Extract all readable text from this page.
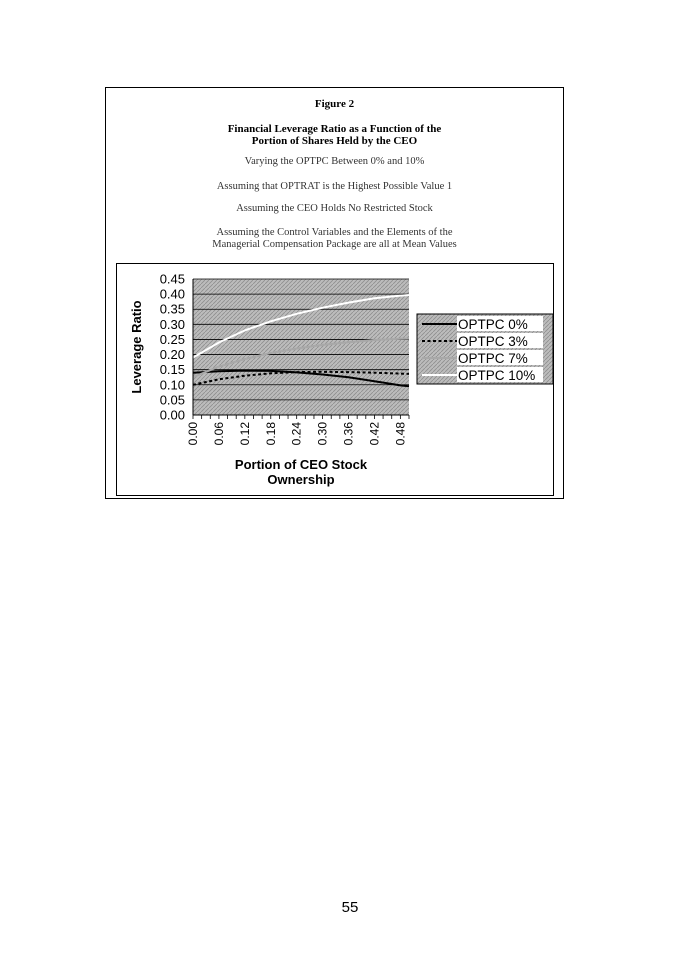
Figure 2
Financial Leverage Ratio as a Function of the
Portion of Shares Held by the CEO
Varying the OPTPC Between 0% and 10%
Assuming that OPTRAT is the Highest Possible Value 1
Assuming the CEO Holds No Restricted Stock
Assuming the Control Variables and the Elements of the
Managerial Compensation Package are all at Mean Values
0.45
0.40
0.35
0.30
0.25
0.20
0.15
0.10
0.05
0.00
0.00 0.06 0.12 0.18 0.24 0.30 0.36 0.42 0.48
Leverage Ratio
Portion of CEO Stock
Ownership
OPTPC 0%
OPTPC 3%
OPTPC 7%
OPTPC 10%
55
